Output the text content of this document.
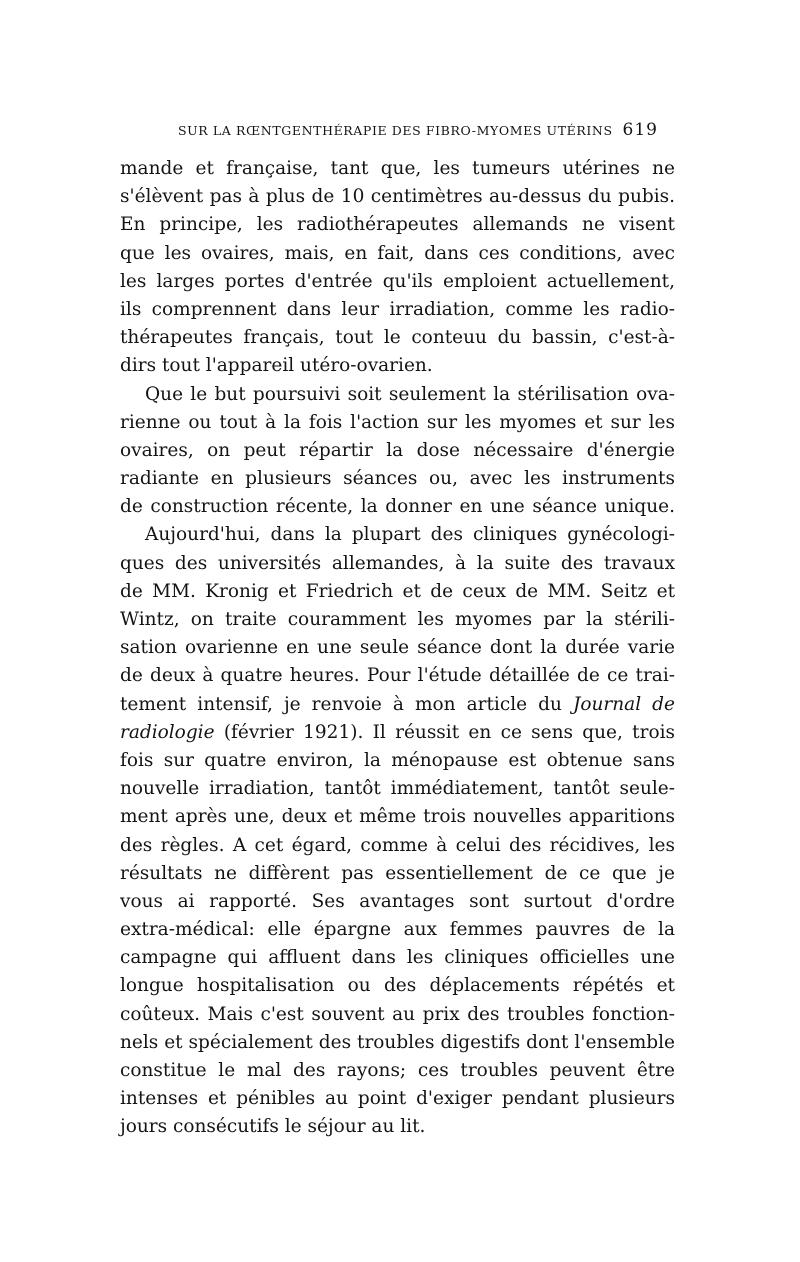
SUR LA RŒNTGENTHÉRAPIE DES FIBRO-MYOMES UTÉRINS 619
mande et française, tant que, les tumeurs utérines ne
s'élèvent pas à plus de 10 centimètres au-dessus du pubis.
En principe, les radiothérapeutes allemands ne visent
que les ovaires, mais, en fait, dans ces conditions, avec
les larges portes d'entrée qu'ils emploient actuellement,
ils comprennent dans leur irradiation, comme les radio-
thérapeutes français, tout le conteuu du bassin, c'est-à-
dirs tout l'appareil utéro-ovarien.
Que le but poursuivi soit seulement la stérilisation ova-
rienne ou tout à la fois l'action sur les myomes et sur les
ovaires, on peut répartir la dose nécessaire d'énergie
radiante en plusieurs séances ou, avec les instruments
de construction récente, la donner en une séance unique.
Aujourd'hui, dans la plupart des cliniques gynécologi-
ques des universités allemandes, à la suite des travaux
de MM. Kronig et Friedrich et de ceux de MM. Seitz et
Wintz, on traite couramment les myomes par la stérili-
sation ovarienne en une seule séance dont la durée varie
de deux à quatre heures. Pour l'étude détaillée de ce trai-
tement intensif, je renvoie à mon article du Journal de
radiologie (février 1921). Il réussit en ce sens que, trois
fois sur quatre environ, la ménopause est obtenue sans
nouvelle irradiation, tantôt immédiatement, tantôt seule-
ment après une, deux et même trois nouvelles apparitions
des règles. A cet égard, comme à celui des récidives, les
résultats ne diffèrent pas essentiellement de ce que je
vous ai rapporté. Ses avantages sont surtout d'ordre
extra-médical: elle épargne aux femmes pauvres de la
campagne qui affluent dans les cliniques officielles une
longue hospitalisation ou des déplacements répétés et
coûteux. Mais c'est souvent au prix des troubles fonction-
nels et spécialement des troubles digestifs dont l'ensemble
constitue le mal des rayons; ces troubles peuvent être
intenses et pénibles au point d'exiger pendant plusieurs
jours consécutifs le séjour au lit.
